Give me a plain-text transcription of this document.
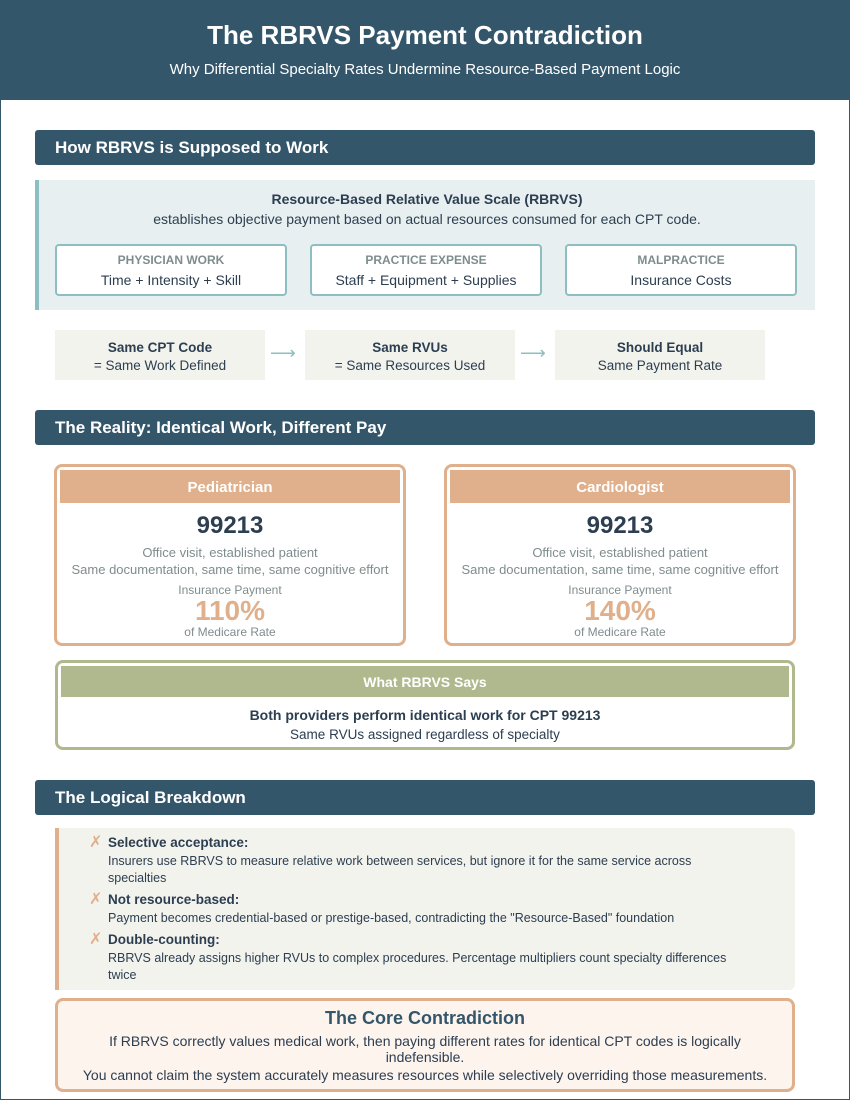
The RBRVS Payment Contradiction

Why Differential Specialty Rates Undermine Resource-Based Payment Logic

How RBRVS is Supposed to Work
Resource-Based Relative Value Scale (RBRVS)
establishes objective payment based on actual resources consumed for each CPT code.
PHYSICIAN WORK
Time + Intensity + Skill
PRACTICE EXPENSE
Staff + Equipment + Supplies
MALPRACTICE
Insurance Costs
Same CPT Code
= Same Work Defined
⟶	Same RVUs
= Same Resources Used
⟶	Should Equal
Same Payment Rate
The Reality: Identical Work, Different Pay
Pediatrician
99213
Office visit, established patient
Same documentation, same time, same cognitive effort
Insurance Payment
110%
of Medicare Rate
Cardiologist
99213
Office visit, established patient
Same documentation, same time, same cognitive effort
Insurance Payment
140%
of Medicare Rate
What RBRVS Says
Both providers perform identical work for CPT 99213
Same RVUs assigned regardless of specialty
The Logical Breakdown
✗ Selective acceptance:
Insurers use RBRVS to measure relative work between services, but ignore it for the same service across specialties
✗ Not resource-based:
Payment becomes credential-based or prestige-based, contradicting the "Resource-Based" foundation
✗ Double-counting:
RBRVS already assigns higher RVUs to complex procedures. Percentage multipliers count specialty differences twice
The Core Contradiction
If RBRVS correctly values medical work, then paying different rates for identical CPT codes is logically indefensible.
You cannot claim the system accurately measures resources while selectively overriding those measurements.
